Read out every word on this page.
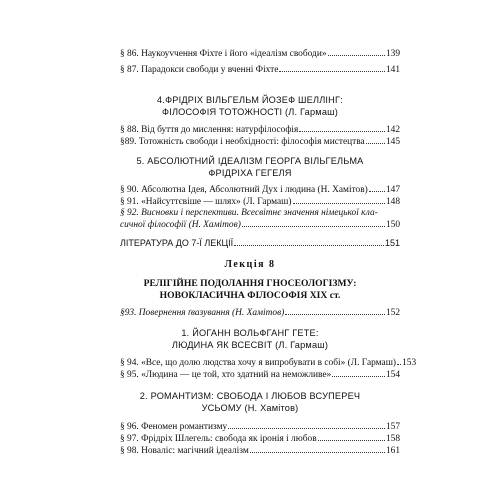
§ 86. Наукоуvчення Фіхте і його «ідеалізм свободи»	139
§ 87. Парадокси свободи у вченні Фіхте	141
4.ФРІДРІХ ВІЛЬГЕЛЬМ ЙОЗЕФ ШЕЛЛІНГ:
ФІЛОСОФІЯ ТОТОЖНОСТІ (Л. Гармаш)
§ 88. Від буття до мислення: натурфілософія	142
§89. Тотожність свободи і необхідності: філософія мистецтва 145
5. АБСОЛЮТНИЙ ІДЕАЛІЗМ ГЕОРГА ВІЛЬГЕЛЬМА
ФРІДРІХА ГЕГЕЛЯ
§ 90. Абсолютна Ідея, Абсолютний Дух і людина (Н. Хамітов) 147
§ 91. «Найсуттєвіше — шлях» (Л. Гармаш)	148
§ 92. Висновки і перспективи. Всесвітнє значення німецької кла-
сичної філософії (Н. Хамітов)	150
ЛІТЕРАТУРА ДО 7-Ї ЛЕКЦІЇ	151
Лекція 8
РЕЛІГІЙНЕ ПОДОЛАННЯ ГНОСЕОЛОГІЗМУ:
НОВОКЛАСИЧНА ФІЛОСОФІЯ XIX ст.
§93. Повернення ґвазування (Н. Хамітов)	152
1. ЙОГАНН ВОЛЬФГАНГ ГЕТЕ:
ЛЮДИНА ЯК ВСЕСВІТ (Л. Гармаш)
§ 94. «Все, що долю людства хочу я випробувати в собі» (Л. Гармаш) 153
§ 95. «Людина — це той, хто здатний на неможливе»	154
2. РОМАНТИЗМ: СВОБОДА І ЛЮБОВ ВСУПЕРЕЧ
УСЬОМУ (Н. Хамітов)
§ 96. Феномен романтизму	157
§ 97. Фрідріх Шлегель: свобода як іронія і любов	158
§ 98. Новаліс: магічний ідеалізм	161
